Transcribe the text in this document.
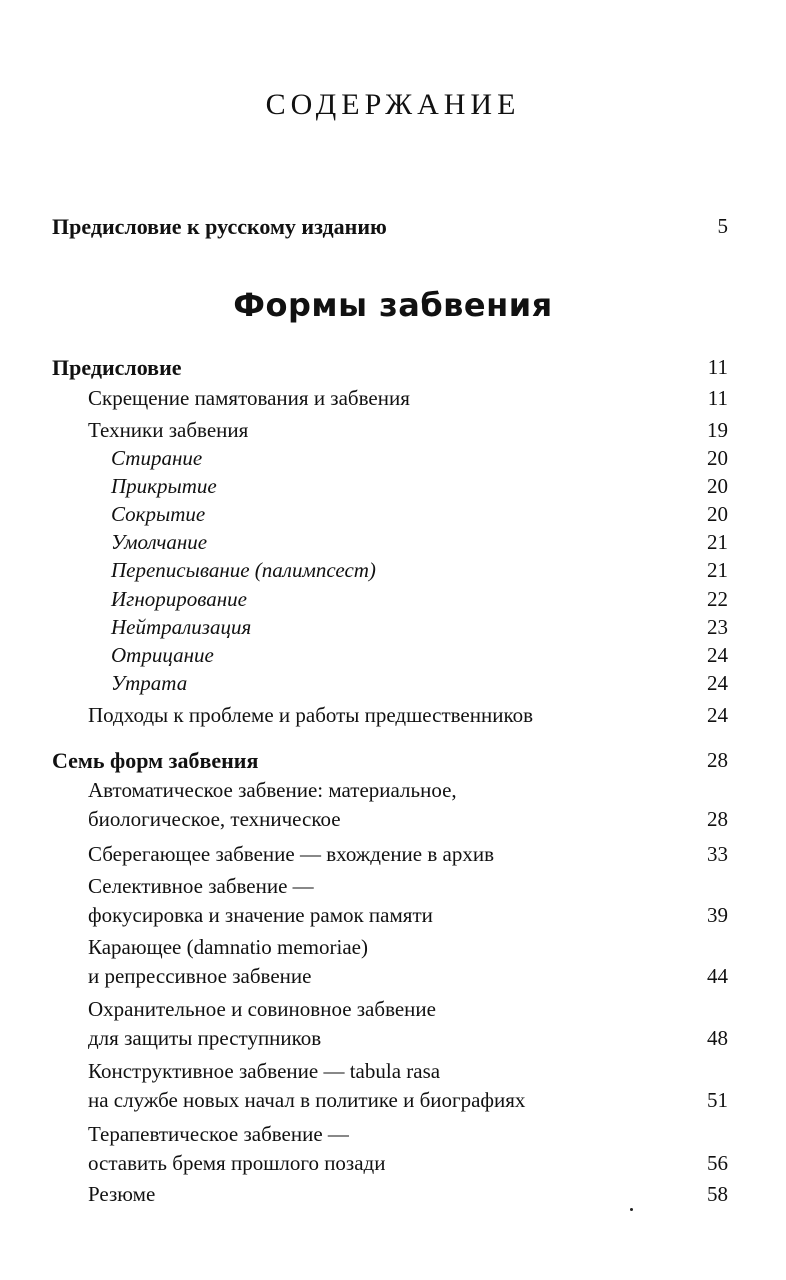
СОДЕРЖАНИЕ
Предисловие к русскому изданию	5
Формы забвения
Предисловие	11
Скрещение памятования и забвения	11
Техники забвения	19
Стирание	20
Прикрытие	20
Сокрытие	20
Умолчание	21
Переписывание (палимпсест)	21
Игнорирование	22
Нейтрализация	23
Отрицание	24
Утрата	24
Подходы к проблеме и работы предшественников	24
Семь форм забвения	28
Автоматическое забвение: материальное,
биологическое, техническое	28
Сберегающее забвение — вхождение в архив	33
Селективное забвение —
фокусировка и значение рамок памяти	39
Карающее (damnatio memoriae)
и репрессивное забвение	44
Охранительное и совиновное забвение
для защиты преступников	48
Конструктивное забвение — tabula rasa
на службе новых начал в политике и биографиях	51
Терапевтическое забвение —
оставить бремя прошлого позади	56
Резюме	58
